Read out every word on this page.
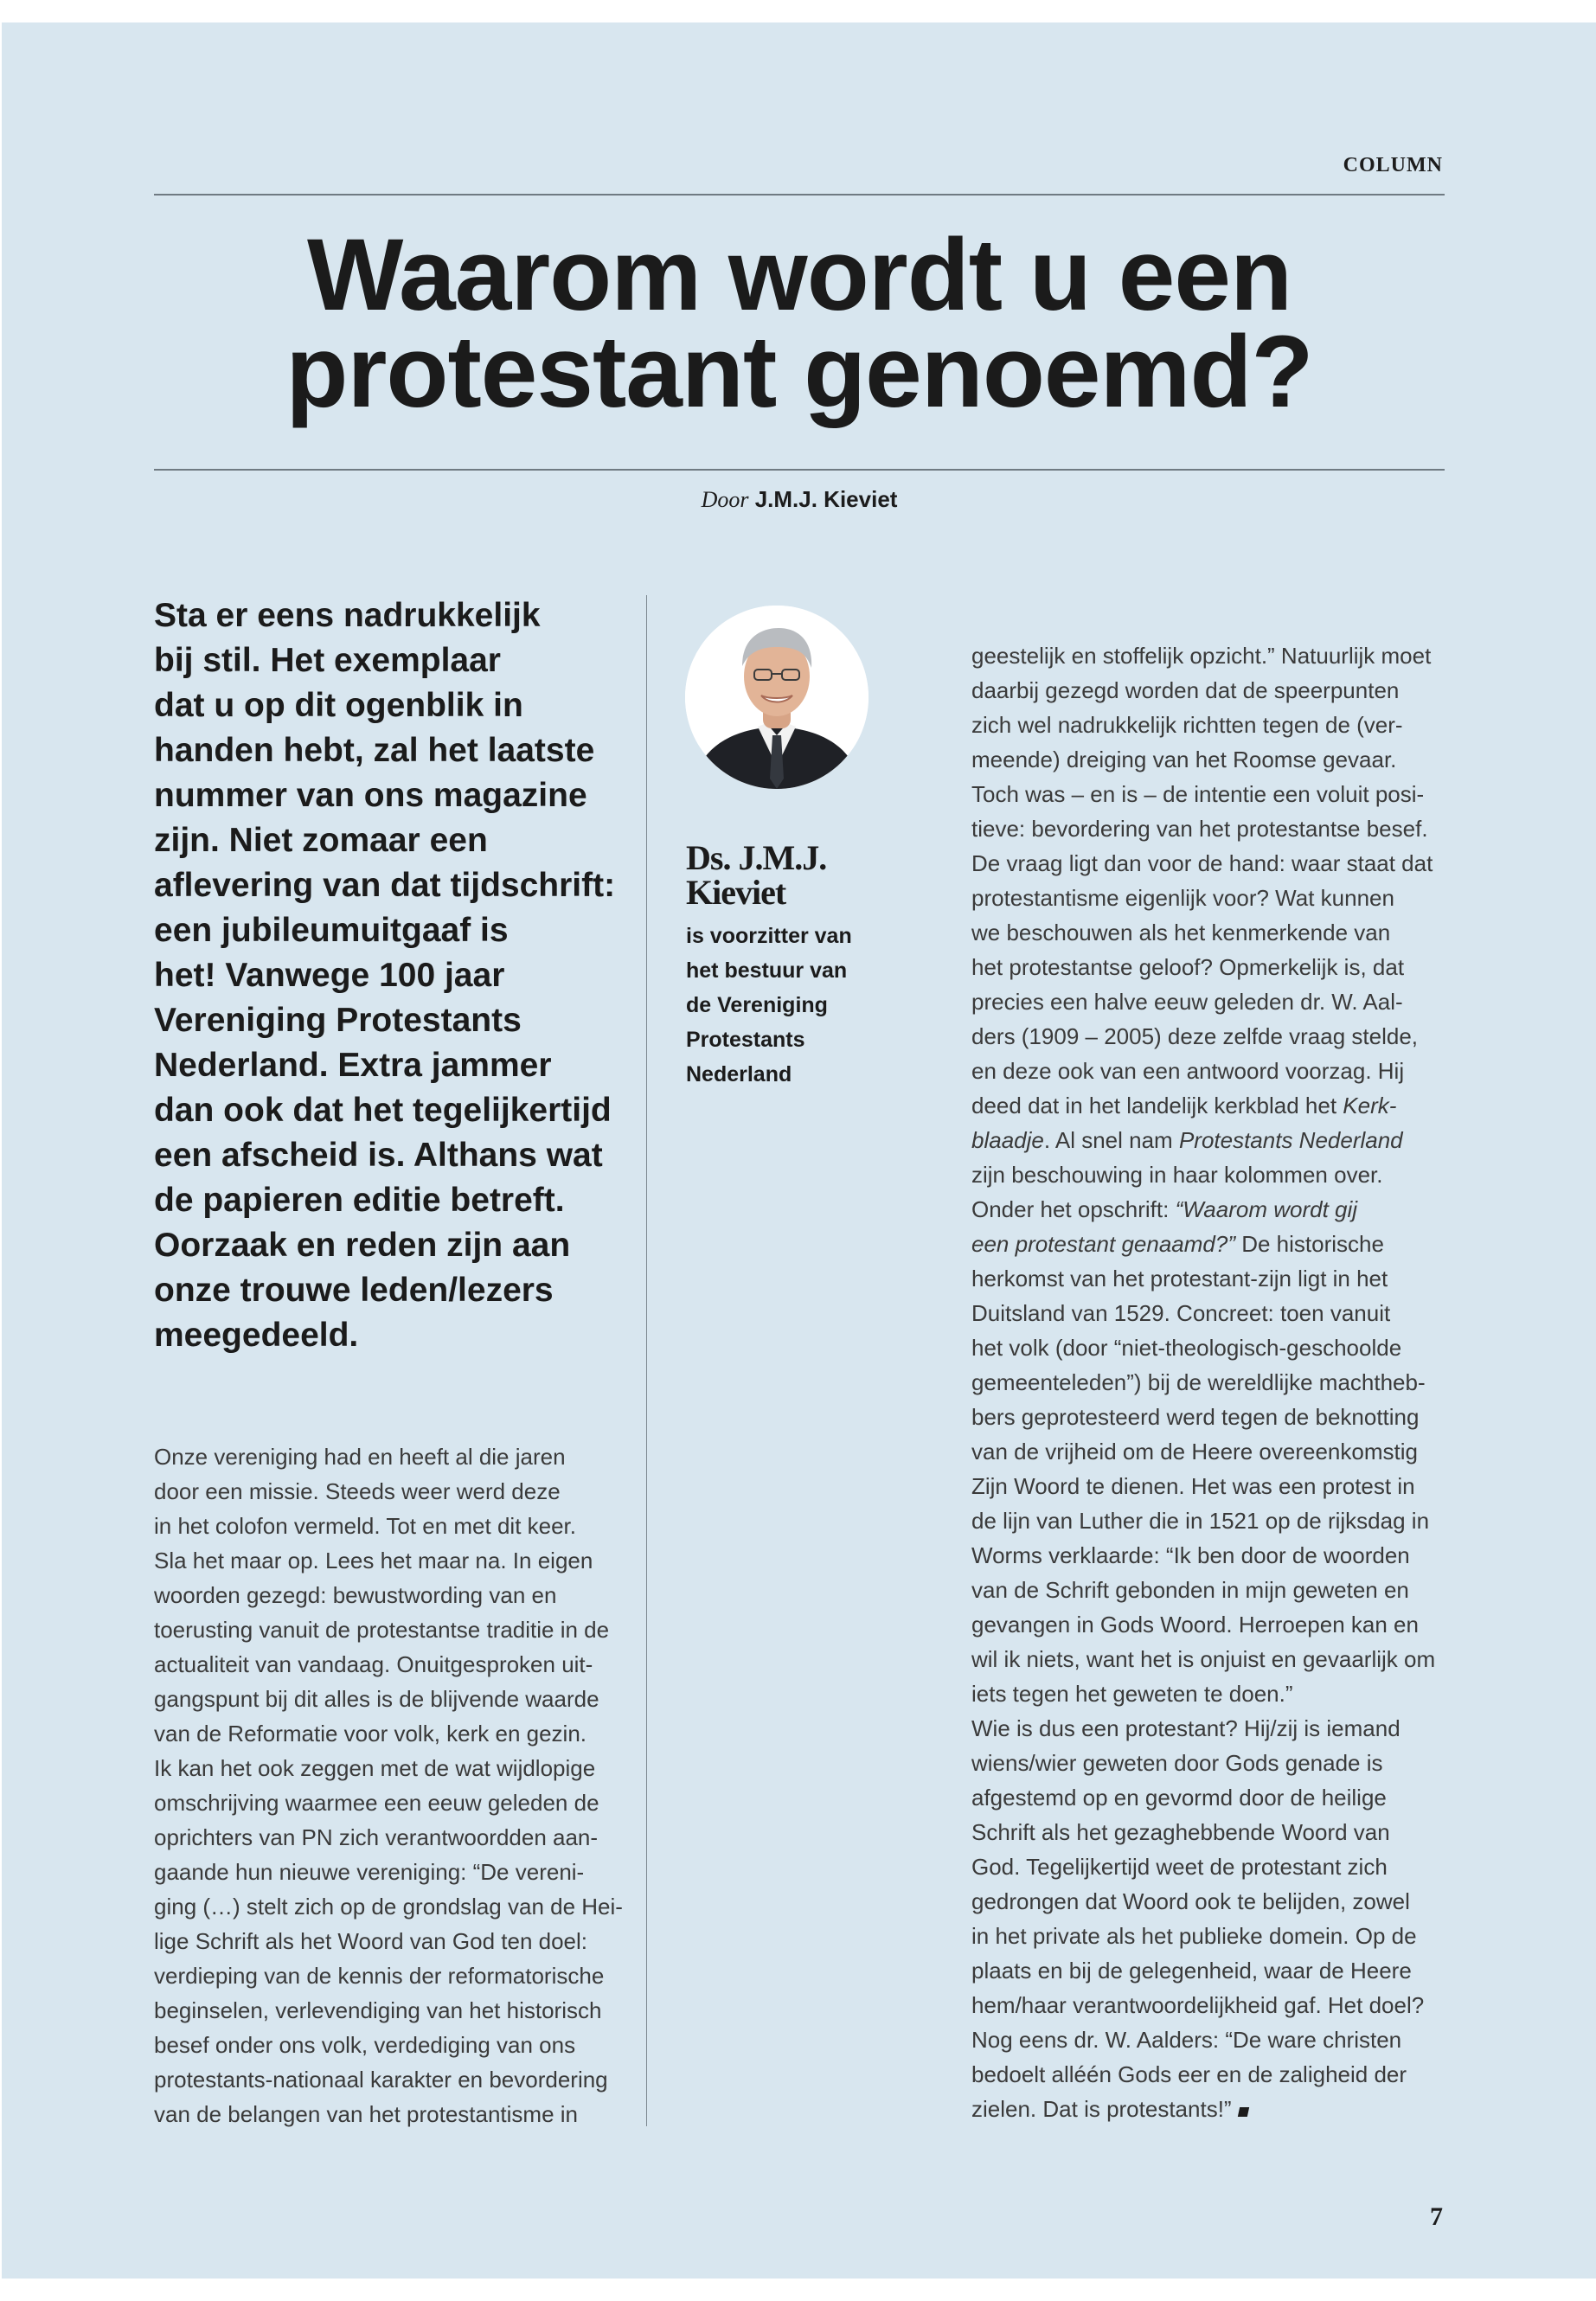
COLUMN
Waarom wordt u een
protestant genoemd?
Door J.M.J. Kieviet

Sta er eens nadrukkelijk
bij stil. Het exemplaar
dat u op dit ogenblik in
handen hebt, zal het laatste
nummer van ons magazine
zijn. Niet zomaar een
aflevering van dat tijdschrift:
een jubileumuitgaaf is
het! Vanwege 100 jaar
Vereniging Protestants
Nederland. Extra jammer
dan ook dat het tegelijkertijd
een afscheid is. Althans wat
de papieren editie betreft.
Oorzaak en reden zijn aan
onze trouwe leden/lezers
meegedeeld.

Onze vereniging had en heeft al die jaren
door een missie. Steeds weer werd deze
in het colofon vermeld. Tot en met dit keer.
Sla het maar op. Lees het maar na. In eigen
woorden gezegd: bewustwording van en
toerusting vanuit de protestantse traditie in de
actualiteit van vandaag. Onuitgesproken uit-
gangspunt bij dit alles is de blijvende waarde
van de Reformatie voor volk, kerk en gezin.
Ik kan het ook zeggen met de wat wijdlopige
omschrijving waarmee een eeuw geleden de
oprichters van PN zich verantwoordden aan-
gaande hun nieuwe vereniging: “De vereni-
ging (…) stelt zich op de grondslag van de Hei-
lige Schrift als het Woord van God ten doel:
verdieping van de kennis der reformatorische
beginselen, verlevendiging van het historisch
besef onder ons volk, verdediging van ons
protestants-nationaal karakter en bevordering
van de belangen van het protestantisme in

Ds. J.M.J.
Kieviet

is voorzitter van
het bestuur van
de Vereniging
Protestants
Nederland

geestelijk en stoffelijk opzicht.” Natuurlijk moet
daarbij gezegd worden dat de speerpunten
zich wel nadrukkelijk richtten tegen de (ver-
meende) dreiging van het Roomse gevaar.
Toch was – en is – de intentie een voluit posi-
tieve: bevordering van het protestantse besef.
De vraag ligt dan voor de hand: waar staat dat
protestantisme eigenlijk voor? Wat kunnen
we beschouwen als het kenmerkende van
het protestantse geloof? Opmerkelijk is, dat
precies een halve eeuw geleden dr. W. Aal-
ders (1909 – 2005) deze zelfde vraag stelde,
en deze ook van een antwoord voorzag. Hij
deed dat in het landelijk kerkblad het Kerk-
blaadje. Al snel nam Protestants Nederland
zijn beschouwing in haar kolommen over.
Onder het opschrift: “Waarom wordt gij
een protestant genaamd?” De historische
herkomst van het protestant-zijn ligt in het
Duitsland van 1529. Concreet: toen vanuit
het volk (door “niet-theologisch-geschoolde
gemeenteleden”) bij de wereldlijke machtheb-
bers geprotesteerd werd tegen de beknotting
van de vrijheid om de Heere overeenkomstig
Zijn Woord te dienen. Het was een protest in
de lijn van Luther die in 1521 op de rijksdag in
Worms verklaarde: “Ik ben door de woorden
van de Schrift gebonden in mijn geweten en
gevangen in Gods Woord. Herroepen kan en
wil ik niets, want het is onjuist en gevaarlijk om
iets tegen het geweten te doen.”
Wie is dus een protestant? Hij/zij is iemand
wiens/wier geweten door Gods genade is
afgestemd op en gevormd door de heilige
Schrift als het gezaghebbende Woord van
God. Tegelijkertijd weet de protestant zich
gedrongen dat Woord ook te belijden, zowel
in het private als het publieke domein. Op de
plaats en bij de gelegenheid, waar de Heere
hem/haar verantwoordelijkheid gaf. Het doel?
Nog eens dr. W. Aalders: “De ware christen
bedoelt alléén Gods eer en de zaligheid der
zielen. Dat is protestants!”

7
